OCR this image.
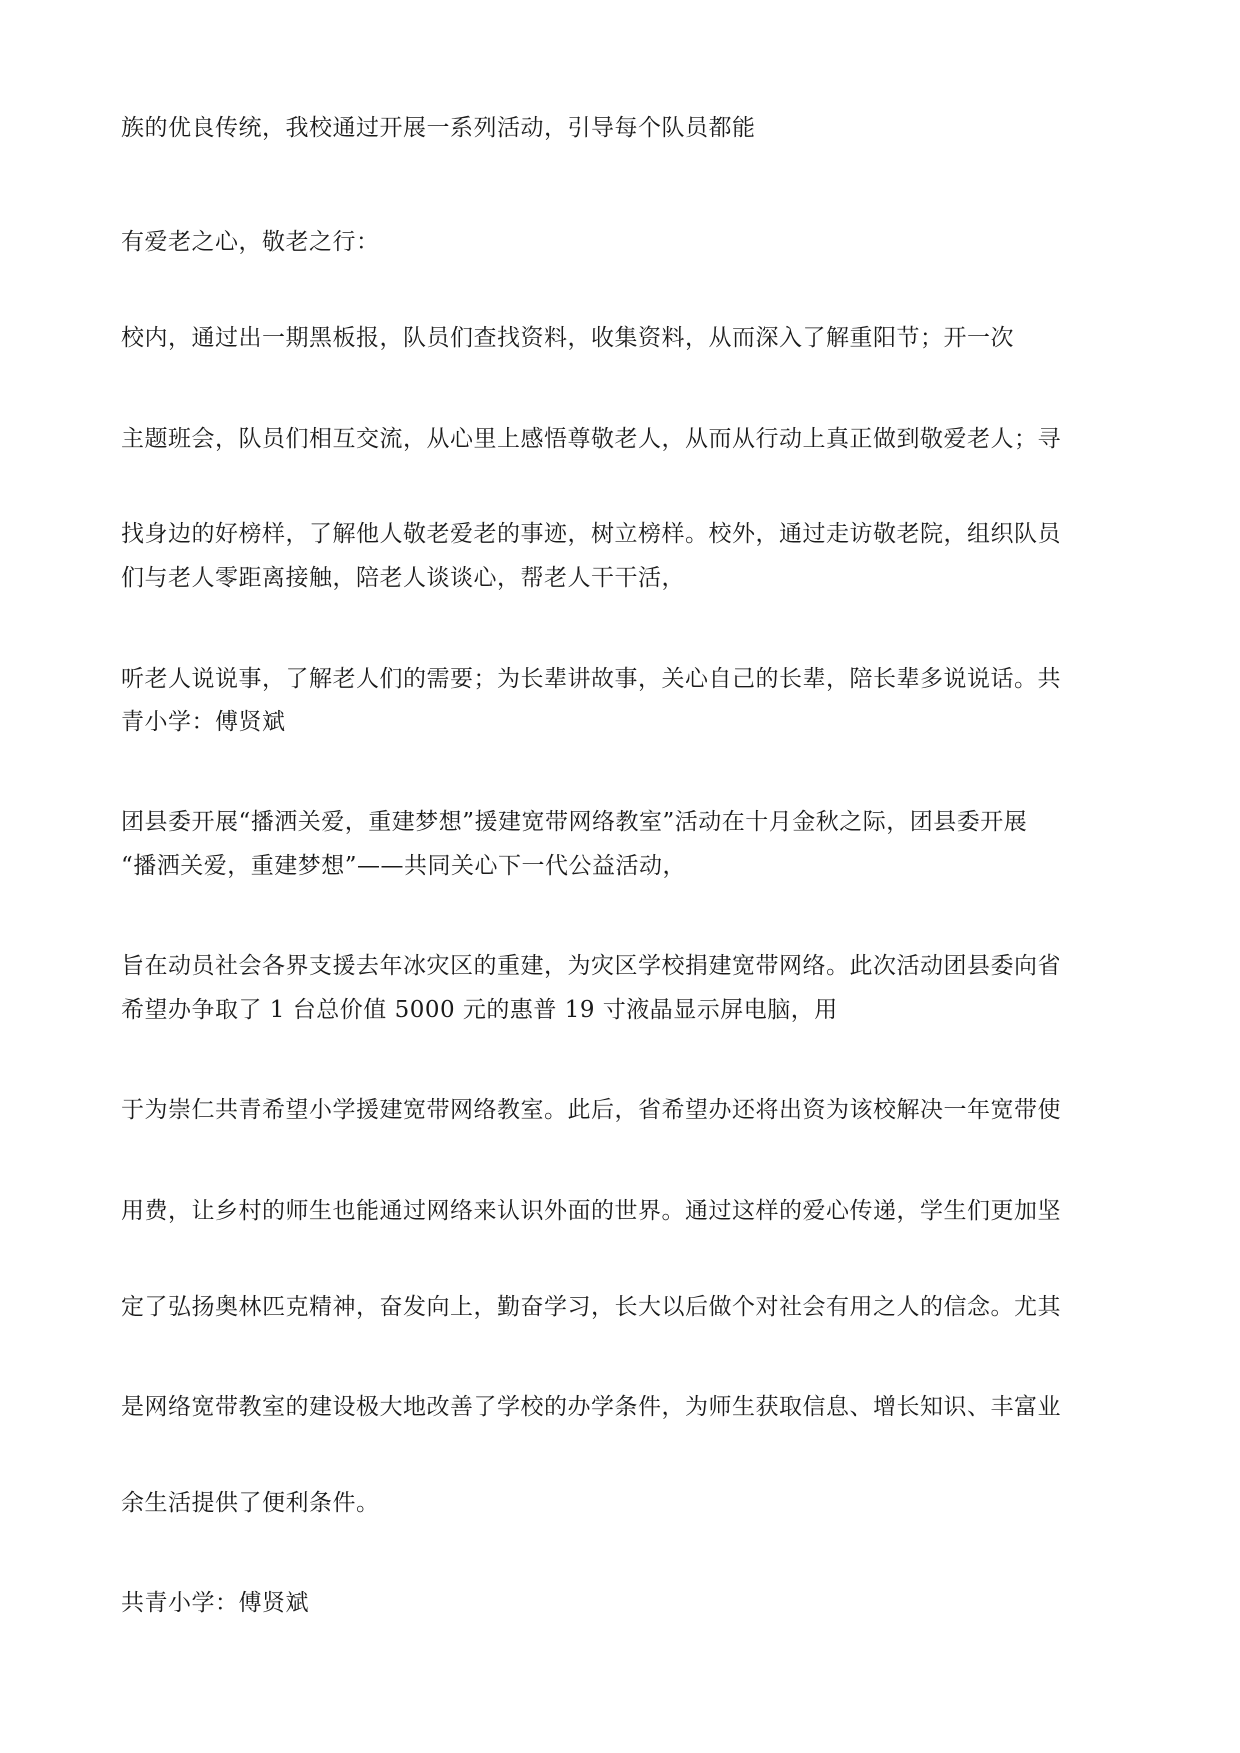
族的优良传统，我校通过开展一系列活动，引导每个队员都能
有爱老之心，敬老之行：
校内，通过出一期黑板报，队员们查找资料，收集资料，从而深入了解重阳节；开一次
主题班会，队员们相互交流，从心里上感悟尊敬老人，从而从行动上真正做到敬爱老人；寻
找身边的好榜样，了解他人敬老爱老的事迹，树立榜样。校外，通过走访敬老院，组织队员
们与老人零距离接触，陪老人谈谈心，帮老人干干活，
听老人说说事，了解老人们的需要；为长辈讲故事，关心自己的长辈，陪长辈多说说话。共
青小学：傅贤斌
团县委开展“播洒关爱，重建梦想”援建宽带网络教室”活动在十月金秋之际，团县委开展
“播洒关爱，重建梦想”——共同关心下一代公益活动，
旨在动员社会各界支援去年冰灾区的重建，为灾区学校捐建宽带网络。此次活动团县委向省
希望办争取了 1 台总价值 5000 元的惠普 19 寸液晶显示屏电脑，用
于为崇仁共青希望小学援建宽带网络教室。此后，省希望办还将出资为该校解决一年宽带使
用费，让乡村的师生也能通过网络来认识外面的世界。通过这样的爱心传递，学生们更加坚
定了弘扬奥林匹克精神，奋发向上，勤奋学习，长大以后做个对社会有用之人的信念。尤其
是网络宽带教室的建设极大地改善了学校的办学条件，为师生获取信息、增长知识、丰富业
余生活提供了便利条件。
共青小学：傅贤斌
